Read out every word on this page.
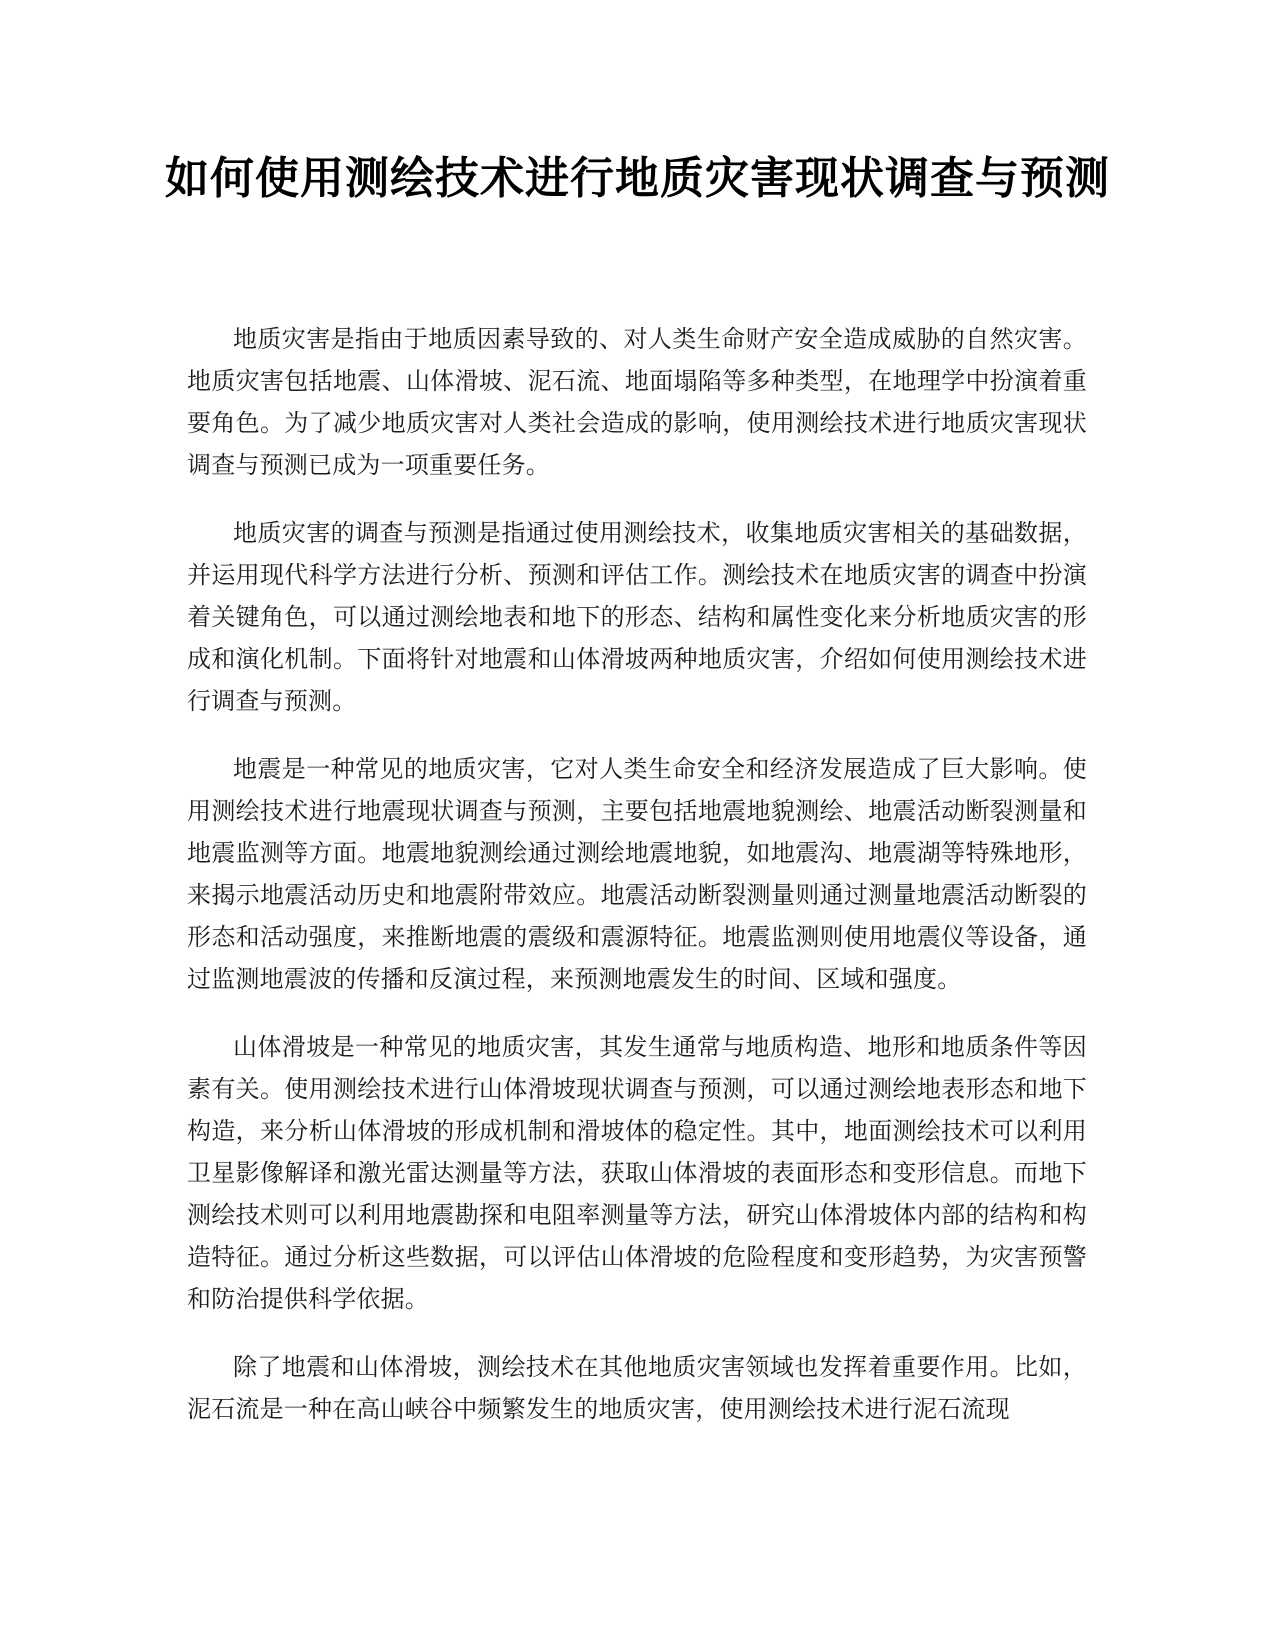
如何使用测绘技术进行地质灾害现状调查与预测

地质灾害是指由于地质因素导致的、对人类生命财产安全造成威胁的自然灾害。地质灾害包括地震、山体滑坡、泥石流、地面塌陷等多种类型，在地理学中扮演着重要角色。为了减少地质灾害对人类社会造成的影响，使用测绘技术进行地质灾害现状调查与预测已成为一项重要任务。

地质灾害的调查与预测是指通过使用测绘技术，收集地质灾害相关的基础数据，并运用现代科学方法进行分析、预测和评估工作。测绘技术在地质灾害的调查中扮演着关键角色，可以通过测绘地表和地下的形态、结构和属性变化来分析地质灾害的形成和演化机制。下面将针对地震和山体滑坡两种地质灾害，介绍如何使用测绘技术进行调查与预测。

地震是一种常见的地质灾害，它对人类生命安全和经济发展造成了巨大影响。使用测绘技术进行地震现状调查与预测，主要包括地震地貌测绘、地震活动断裂测量和地震监测等方面。地震地貌测绘通过测绘地震地貌，如地震沟、地震湖等特殊地形，来揭示地震活动历史和地震附带效应。地震活动断裂测量则通过测量地震活动断裂的形态和活动强度，来推断地震的震级和震源特征。地震监测则使用地震仪等设备，通过监测地震波的传播和反演过程，来预测地震发生的时间、区域和强度。

山体滑坡是一种常见的地质灾害，其发生通常与地质构造、地形和地质条件等因素有关。使用测绘技术进行山体滑坡现状调查与预测，可以通过测绘地表形态和地下构造，来分析山体滑坡的形成机制和滑坡体的稳定性。其中，地面测绘技术可以利用卫星影像解译和激光雷达测量等方法，获取山体滑坡的表面形态和变形信息。而地下测绘技术则可以利用地震勘探和电阻率测量等方法，研究山体滑坡体内部的结构和构造特征。通过分析这些数据，可以评估山体滑坡的危险程度和变形趋势，为灾害预警和防治提供科学依据。

除了地震和山体滑坡，测绘技术在其他地质灾害领域也发挥着重要作用。比如，泥石流是一种在高山峡谷中频繁发生的地质灾害，使用测绘技术进行泥石流现
